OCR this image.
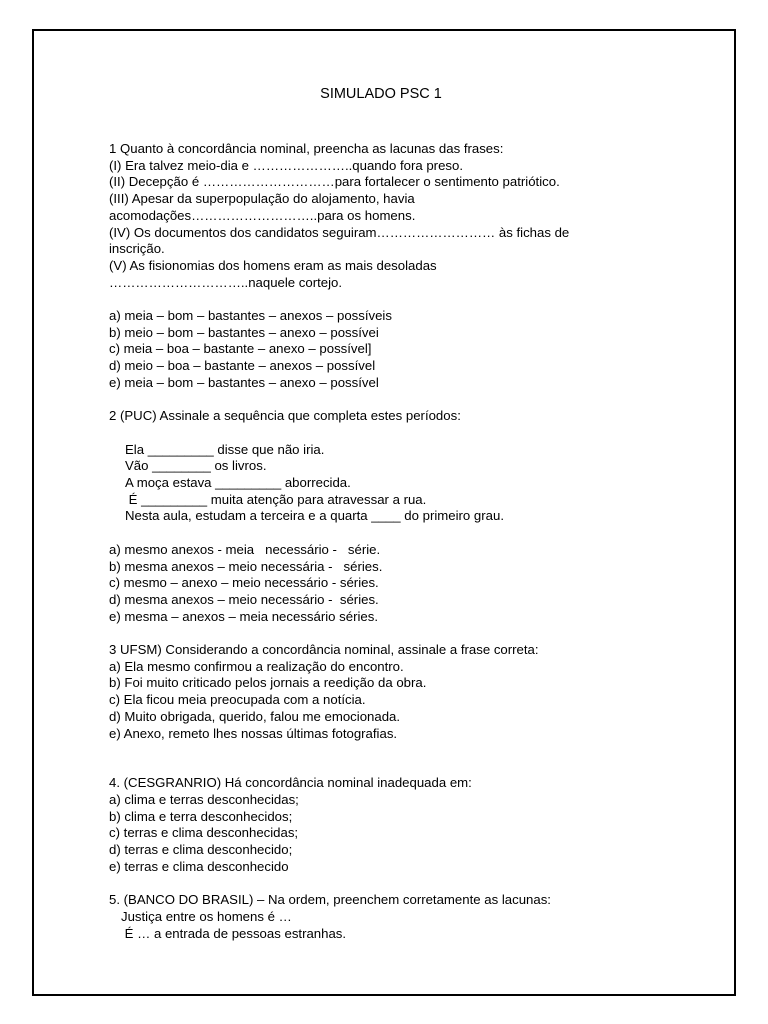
SIMULADO PSC 1
1 Quanto à concordância nominal, preencha as lacunas das frases:
(I) Era talvez meio-dia e …………………..quando fora preso.
(II) Decepção é …………………………para fortalecer o sentimento patriótico.
(III) Apesar da superpopulação do alojamento, havia
acomodações………………………..para os homens.
(IV) Os documentos dos candidatos seguiram……………………… às fichas de
inscrição.
(V) As fisionomias dos homens eram as mais desoladas
…………………………..naquele cortejo.
a) meia – bom – bastantes – anexos – possíveis
b) meio – bom – bastantes – anexo – possívei
c) meia – boa – bastante – anexo – possível]
d) meio – boa – bastante – anexos – possível
e) meia – bom – bastantes – anexo – possível
2 (PUC) Assinale a sequência que completa estes períodos:
Ela _________ disse que não iria.
Vão ________ os livros.
A moça estava _________ aborrecida.
É _________ muita atenção para atravessar a rua.
Nesta aula, estudam a terceira e a quarta ____ do primeiro grau.
a) mesmo anexos - meia   necessário -   série.
b) mesma anexos – meio necessária -   séries.
c) mesmo – anexo – meio necessário - séries.
d) mesma anexos – meio necessário -  séries.
e) mesma – anexos – meia necessário séries.
3 UFSM) Considerando a concordância nominal, assinale a frase correta:
a) Ela mesmo confirmou a realização do encontro.
b) Foi muito criticado pelos jornais a reedição da obra.
c) Ela ficou meia preocupada com a notícia.
d) Muito obrigada, querido, falou me emocionada.
e) Anexo, remeto lhes nossas últimas fotografias.
4. (CESGRANRIO) Há concordância nominal inadequada em:
a) clima e terras desconhecidas;
b) clima e terra desconhecidos;
c) terras e clima desconhecidas;
d) terras e clima desconhecido;
e) terras e clima desconhecido
5. (BANCO DO BRASIL) – Na ordem, preenchem corretamente as lacunas:
Justiça entre os homens é …
É … a entrada de pessoas estranhas.
